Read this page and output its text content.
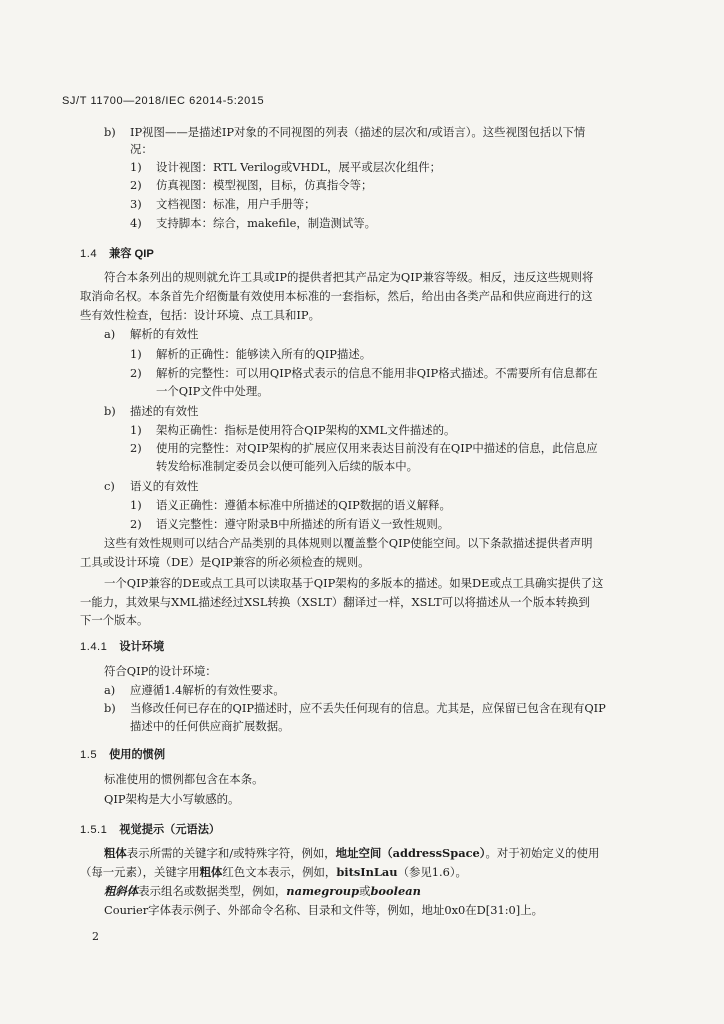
SJ/T 11700—2018/IEC 62014-5:2015
b) IP视图——是描述IP对象的不同视图的列表（描述的层次和/或语言）。这些视图包括以下情
况：
1) 设计视图：RTL Verilog或VHDL，展平或层次化组件；
2) 仿真视图：模型视图，目标，仿真指令等；
3) 文档视图：标准，用户手册等；
4) 支持脚本：综合，makefile，制造测试等。
1.4 兼容 QIP
符合本条列出的规则就允许工具或IP的提供者把其产品定为QIP兼容等级。相反，违反这些规则将
取消命名权。本条首先介绍衡量有效使用本标准的一套指标，然后，给出由各类产品和供应商进行的这
些有效性检查，包括：设计环境、点工具和IP。
a) 解析的有效性
1) 解析的正确性：能够读入所有的QIP描述。
2) 解析的完整性：可以用QIP格式表示的信息不能用非QIP格式描述。不需要所有信息都在
一个QIP文件中处理。
b) 描述的有效性
1) 架构正确性：指标是使用符合QIP架构的XML文件描述的。
2) 使用的完整性：对QIP架构的扩展应仅用来表达目前没有在QIP中描述的信息，此信息应
转发给标准制定委员会以便可能列入后续的版本中。
c) 语义的有效性
1) 语义正确性：遵循本标准中所描述的QIP数据的语义解释。
2) 语义完整性：遵守附录B中所描述的所有语义一致性规则。
这些有效性规则可以结合产品类别的具体规则以覆盖整个QIP使能空间。以下条款描述提供者声明
工具或设计环境（DE）是QIP兼容的所必须检查的规则。
一个QIP兼容的DE或点工具可以读取基于QIP架构的多版本的描述。如果DE或点工具确实提供了这
一能力，其效果与XML描述经过XSL转换（XSLT）翻译过一样，XSLT可以将描述从一个版本转换到
下一个版本。
1.4.1 设计环境
符合QIP的设计环境：
a) 应遵循1.4解析的有效性要求。
b) 当修改任何已存在的QIP描述时，应不丢失任何现有的信息。尤其是，应保留已包含在现有QIP
描述中的任何供应商扩展数据。
1.5 使用的惯例
标准使用的惯例都包含在本条。
QIP架构是大小写敏感的。
1.5.1 视觉提示（元语法）
粗体表示所需的关键字和/或特殊字符，例如，地址空间（addressSpace）。对于初始定义的使用
（每一元素），关键字用粗体红色文本表示，例如，bitsInLau（参见1.6）。
粗斜体表示组名或数据类型，例如，namegroup或boolean
Courier字体表示例子、外部命令名称、目录和文件等，例如，地址0x0在D[31:0]上。
2
